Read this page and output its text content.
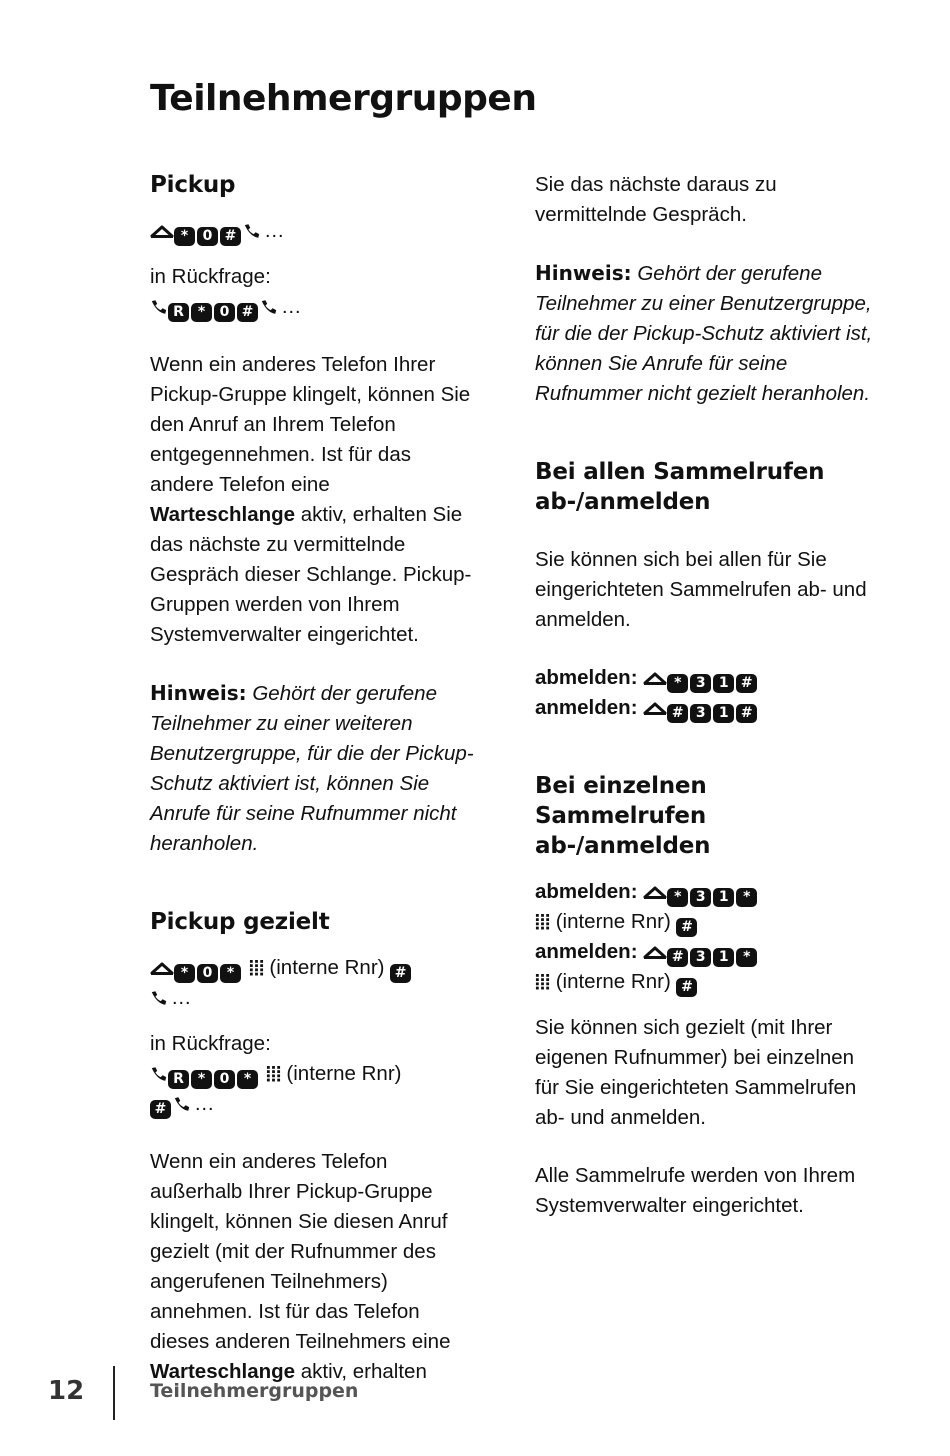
Teilnehmergruppen
Pickup
* 0 # …

in Rückfrage:

R * 0 # …

Wenn ein anderes Telefon Ihrer Pickup-Gruppe klingelt, können Sie den Anruf an Ihrem Telefon entgegennehmen. Ist für das andere Telefon eine Warteschlange aktiv, erhalten Sie das nächste zu vermittelnde Gespräch dieser Schlange. Pickup-Gruppen werden von Ihrem Systemverwalter eingerichtet.

Hinweis: Gehört der gerufene Teilnehmer zu einer weiteren Benutzergruppe, für die der Pickup-Schutz aktiviert ist, können Sie Anrufe für seine Rufnummer nicht heranholen.

Pickup gezielt
* 0 * (interne Rnr) #
…

in Rückfrage:

R * 0 * (interne Rnr)
# …

Wenn ein anderes Telefon außerhalb Ihrer Pickup-Gruppe klingelt, können Sie diesen Anruf gezielt (mit der Rufnummer des angerufenen Teilnehmers) annehmen. Ist für das Telefon dieses anderen Teilnehmers eine Warteschlange aktiv, erhalten

Sie das nächste daraus zu vermittelnde Gespräch.

Hinweis: Gehört der gerufene Teilnehmer zu einer Benutzergruppe, für die der Pickup-Schutz aktiviert ist, können Sie Anrufe für seine Rufnummer nicht gezielt heranholen.

Bei allen Sammelrufen ab-/anmelden

Sie können sich bei allen für Sie eingerichteten Sammelrufen ab- und anmelden.

abmelden:	* 3 1 #
anmelden: # 3 1 #
Bei einzelnen Sammelrufen ab-/anmelden
abmelden:	* 3 1 *
(interne Rnr) #
anmelden: # 3 1 *
(interne Rnr) #

Sie können sich gezielt (mit Ihrer eigenen Rufnummer) bei einzelnen für Sie eingerichteten Sammelrufen ab- und anmelden.

Alle Sammelrufe werden von Ihrem Systemverwalter eingerichtet.

12	Teilnehmergruppen
